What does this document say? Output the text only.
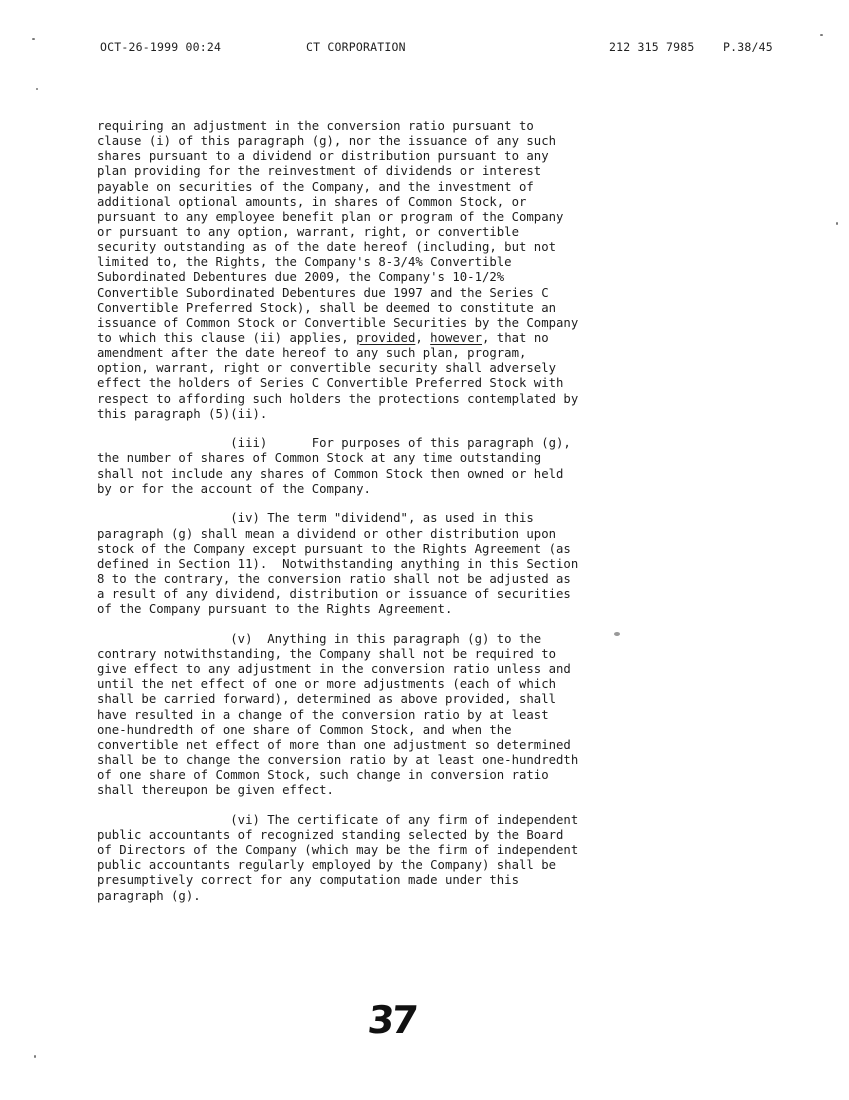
OCT-26-1999 00:24	CT CORPORATION	212 315 7985 P.38/45
requiring an adjustment in the conversion ratio pursuant to
clause (i) of this paragraph (g), nor the issuance of any such
shares pursuant to a dividend or distribution pursuant to any
plan providing for the reinvestment of dividends or interest
payable on securities of the Company, and the investment of
additional optional amounts, in shares of Common Stock, or
pursuant to any employee benefit plan or program of the Company
or pursuant to any option, warrant, right, or convertible
security outstanding as of the date hereof (including, but not
limited to, the Rights, the Company's 8-3/4% Convertible
Subordinated Debentures due 2009, the Company's 10-1/2%
Convertible Subordinated Debentures due 1997 and the Series C
Convertible Preferred Stock), shall be deemed to constitute an
issuance of Common Stock or Convertible Securities by the Company
to which this clause (ii) applies, provided, however, that no
amendment after the date hereof to any such plan, program,
option, warrant, right or convertible security shall adversely
effect the holders of Series C Convertible Preferred Stock with
respect to affording such holders the protections contemplated by
this paragraph (5)(ii).
(iii)      For purposes of this paragraph (g),
the number of shares of Common Stock at any time outstanding
shall not include any shares of Common Stock then owned or held
by or for the account of the Company.
(iv) The term "dividend", as used in this
paragraph (g) shall mean a dividend or other distribution upon
stock of the Company except pursuant to the Rights Agreement (as
defined in Section 11).  Notwithstanding anything in this Section
8 to the contrary, the conversion ratio shall not be adjusted as
a result of any dividend, distribution or issuance of securities
of the Company pursuant to the Rights Agreement.
(v)  Anything in this paragraph (g) to the
contrary notwithstanding, the Company shall not be required to
give effect to any adjustment in the conversion ratio unless and
until the net effect of one or more adjustments (each of which
shall be carried forward), determined as above provided, shall
have resulted in a change of the conversion ratio by at least
one-hundredth of one share of Common Stock, and when the
convertible net effect of more than one adjustment so determined
shall be to change the conversion ratio by at least one-hundredth
of one share of Common Stock, such change in conversion ratio
shall thereupon be given effect.
(vi) The certificate of any firm of independent
public accountants of recognized standing selected by the Board
of Directors of the Company (which may be the firm of independent
public accountants regularly employed by the Company) shall be
presumptively correct for any computation made under this
paragraph (g).
37
